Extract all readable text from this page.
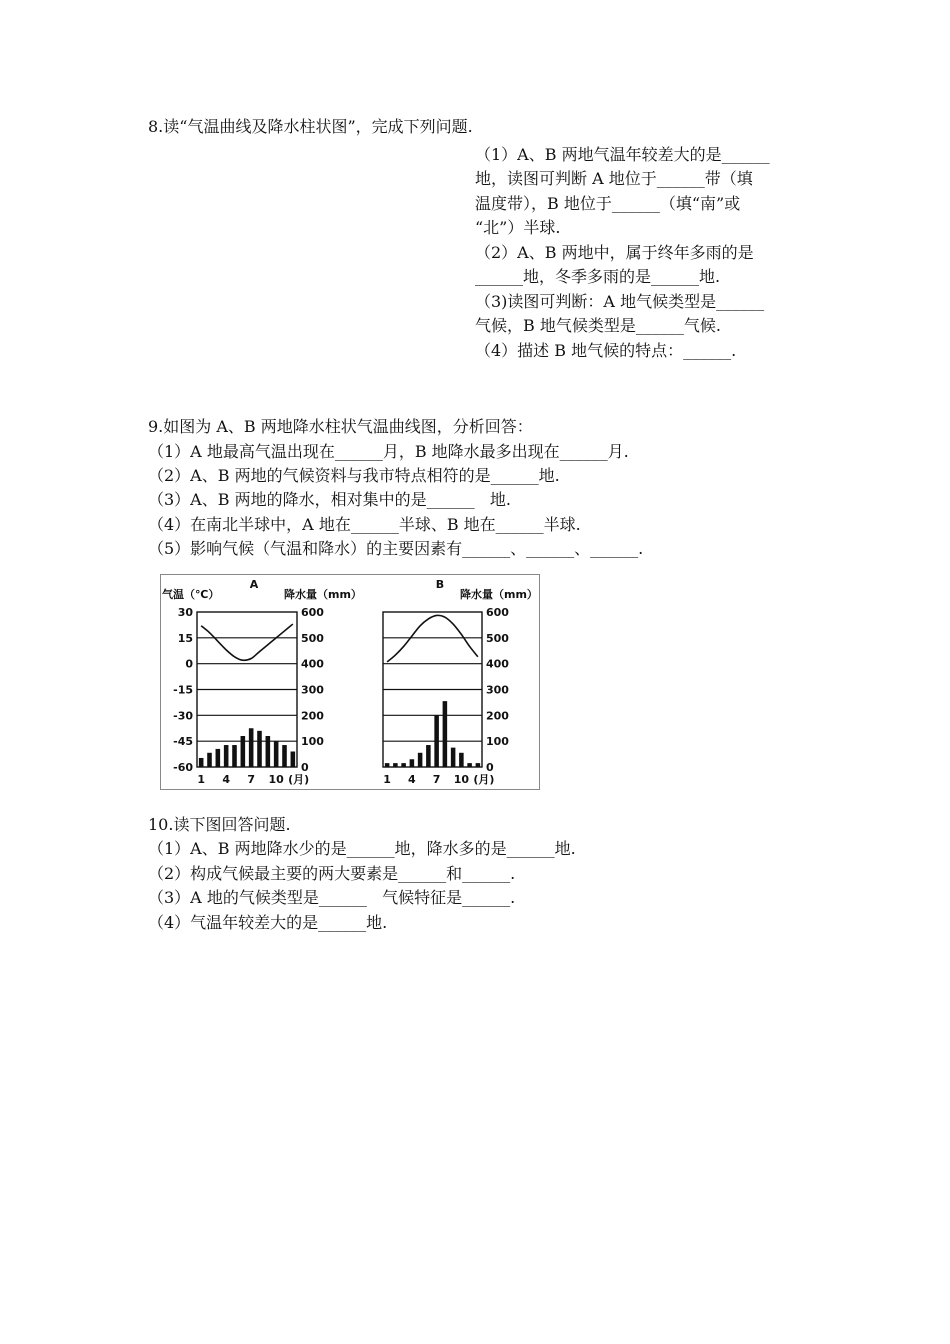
8.读“气温曲线及降水柱状图”，完成下列问题.
（1）A、B 两地气温年较差大的是______
地，读图可判断 A 地位于______带（填
温度带），B 地位于______（填“南”或
“北”）半球.
（2）A、B 两地中，属于终年多雨的是
______地，冬季多雨的是______地.
（3)读图可判断：A 地气候类型是______
气候，B 地气候类型是______气候.
（4）描述 B 地气候的特点：______.
9.如图为 A、B 两地降水柱状气温曲线图，分析回答：
（1）A 地最高气温出现在______月，B 地降水最多出现在______月.
（2）A、B 两地的气候资料与我市特点相符的是______地.
（3）A、B 两地的降水，相对集中的是______   地.
（4）在南北半球中，A 地在______半球、B 地在______半球.
（5）影响气候（气温和降水）的主要因素有______、______、______.
A
气温（℃）	降水量（mm）
600
500
400
300
200
100
0
30
15
0
-15
-30
-45
-60
1 4 7 10 (月)
B
降水量（mm）
600
500
400
300
200
100
0
1 4 7 10 (月)
10.读下图回答问题.
（1）A、B 两地降水少的是______地，降水多的是______地.
（2）构成气候最主要的两大要素是______和______.
（3）A 地的气候类型是______   气候特征是______.
（4）气温年较差大的是______地.
